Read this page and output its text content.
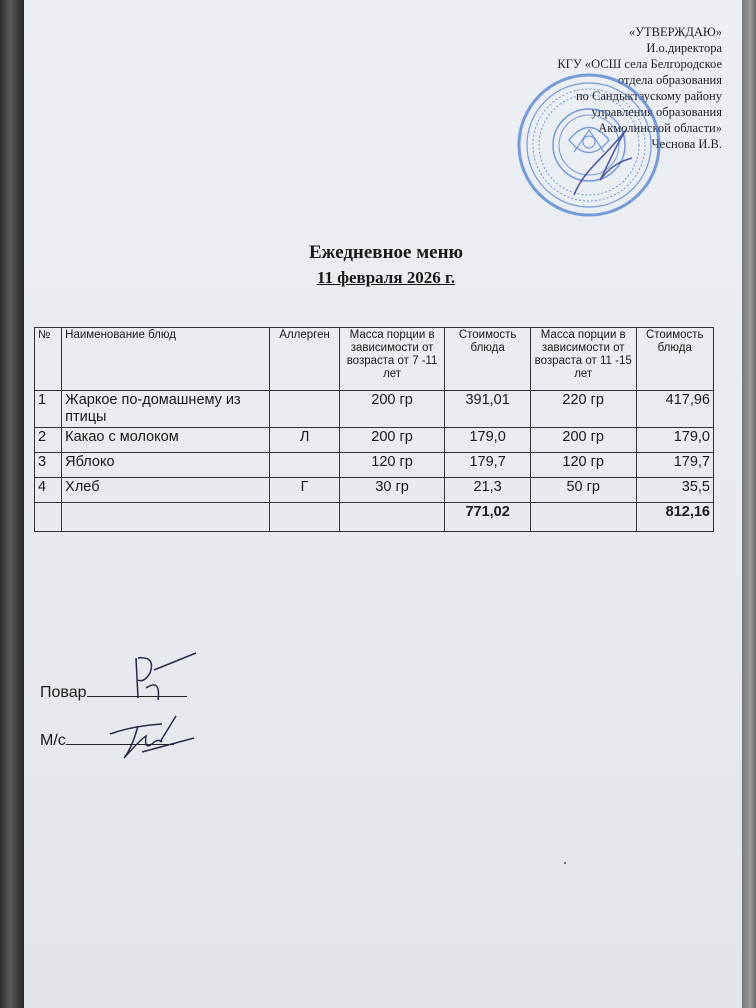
«УТВЕРЖДАЮ»
И.о.директора
КГУ «ОСШ села Белгородское
отдела образования
по Сандыктаускому району
управления образования
Акмолинской области»
Чеснова И.В.
Ежедневное меню
11 февраля 2026 г.
№	Наименование блюд	Аллерген	Масса порции в зависимости от возраста от 7 -11 лет	Стоимость блюда	Масса порции в зависимости от возраста от 11 -15 лет	Стоимость блюда
1	Жаркое по-домашнему из птицы		200 гр	391,01	220 гр	417,96
2	Какао с молоком	Л	200 гр	179,0	200 гр	179,0
3	Яблоко		120 гр	179,7	120 гр	179,7
4	Хлеб	Г	30 гр	21,3	50 гр	35,5
				771,02		812,16
Повар
М/с
